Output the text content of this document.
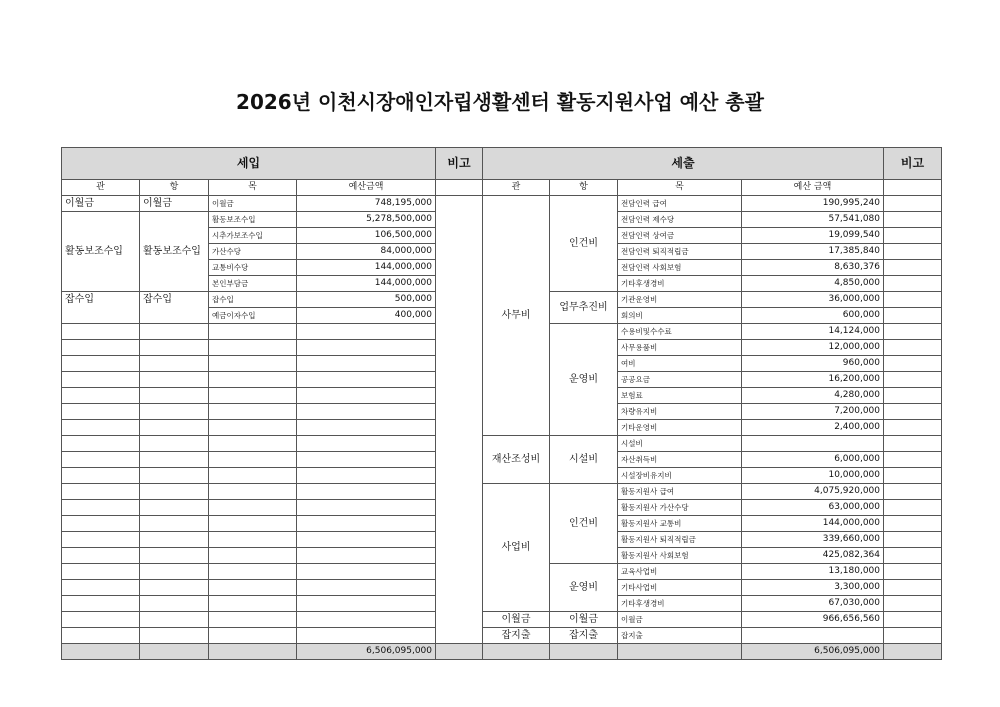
2026년 이천시장애인자립생활센터 활동지원사업 예산 총괄
세입				비고	세출				비고
관	항	목	예산금액		관	항	목	예산 금액	
이월금	이월금	이월금	748,195,000		사무비	인건비	전담인력 급여	190,995,240	
활동보조수입	활동보조수입	활동보조수입	5,278,500,000				전담인력 제수당	57,541,080	
		시추가보조수입	106,500,000				전담인력 상여금	19,099,540	
		가산수당	84,000,000				전담인력 퇴직적립금	17,385,840	
		교통비수당	144,000,000				전담인력 사회보험	8,630,376	
		본인부담금	144,000,000				기타후생경비	4,850,000	
잡수입	잡수입	잡수입	500,000			업무추진비	기관운영비	36,000,000	
		예금이자수입	400,000				회의비	600,000	
						운영비	수용비및수수료	14,124,000	
							사무용품비	12,000,000	
							여비	960,000	
							공공요금	16,200,000	
							보험료	4,280,000	
							차량유지비	7,200,000	
							기타운영비	2,400,000	
					재산조성비	시설비	시설비		
							자산취득비	6,000,000	
							시설장비유지비	10,000,000	
					사업비	인건비	활동지원사 급여	4,075,920,000	
							활동지원사 가산수당	63,000,000	
							활동지원사 교통비	144,000,000	
							활동지원사 퇴직적립금	339,660,000	
							활동지원사 사회보험	425,082,364	
						운영비	교육사업비	13,180,000	
							기타사업비	3,300,000	
							기타후생경비	67,030,000	
					이월금	이월금	이월금	966,656,560	
					잡지출	잡지출	잡지출		
			6,506,095,000					6,506,095,000	
